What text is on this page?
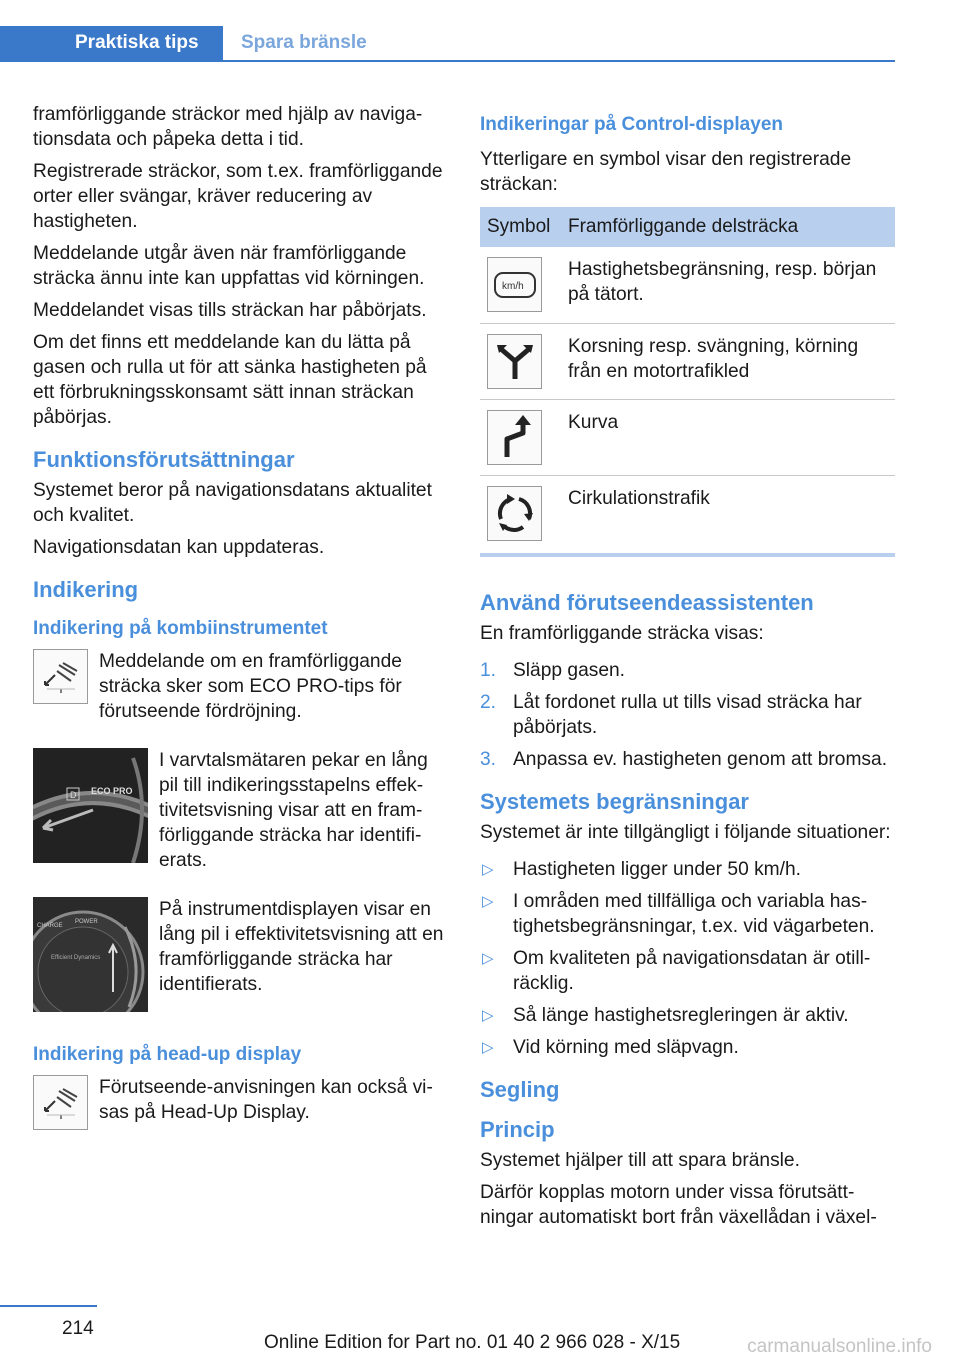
Praktiska tips	Spara bränsle

framförliggande sträckor med hjälp av navigationsdata och påpeka detta i tid.

Registrerade sträckor, som t.ex. framförliggande orter eller svängar, kräver reducering av hastigheten.

Meddelande utgår även när framförliggande sträcka ännu inte kan uppfattas vid körningen.

Meddelandet visas tills sträckan har påbörjats.

Om det finns ett meddelande kan du lätta på gasen och rulla ut för att sänka hastigheten på ett förbrukningsskonsamt sätt innan sträckan påbörjas.

Funktionsförutsättningar

Systemet beror på navigationsdatans aktualitet och kvalitet.

Navigationsdatan kan uppdateras.

Indikering
Indikering på kombiinstrumentet
Meddelande om en framförliggande sträcka sker som ECO PRO-tips för förutseende fördröjning.
D ECO PRO
I varvtalsmätaren pekar en lång pil till indikeringsstapelns effektivitetsvisning visar att en framförliggande sträcka har identifierats.
CHARGE
POWER
Efficient Dynamics
På instrumentdisplayen visar en lång pil i effektivitetsvisning att en framförliggande sträcka har identifierats.
Indikering på head-up display
Förutseende-anvisningen kan också visas på Head-Up Display.
Indikeringar på Control-displayen

Ytterligare en symbol visar den registrerade sträckan:

Symbol	Framförliggande delsträcka

km/h	Hastighetsbegränsning, resp. början på tätort.

	Korsning resp. svängning, körning från en motortrafikled

	Kurva

	Cirkulationstrafik
Använd förutseendeassistenten

En framförliggande sträcka visas:

1. Släpp gasen.
2. Låt fordonet rulla ut tills visad sträcka har påbörjats.
3. Anpassa ev. hastigheten genom att bromsa.
Systemets begränsningar

Systemet är inte tillgängligt i följande situationer:

▷ Hastigheten ligger under 50 km/h.
▷ I områden med tillfälliga och variabla hastighetsbegränsningar, t.ex. vid vägarbeten.
▷ Om kvaliteten på navigationsdatan är otillräcklig.
▷ Så länge hastighetsregleringen är aktiv.
▷ Vid körning med släpvagn.
Segling
Princip

Systemet hjälper till att spara bränsle.

Därför kopplas motorn under vissa förutsättningar automatiskt bort från växellådan i växel-

214
Online Edition for Part no. 01 40 2 966 028 - X/15	carmanualsonline.info
